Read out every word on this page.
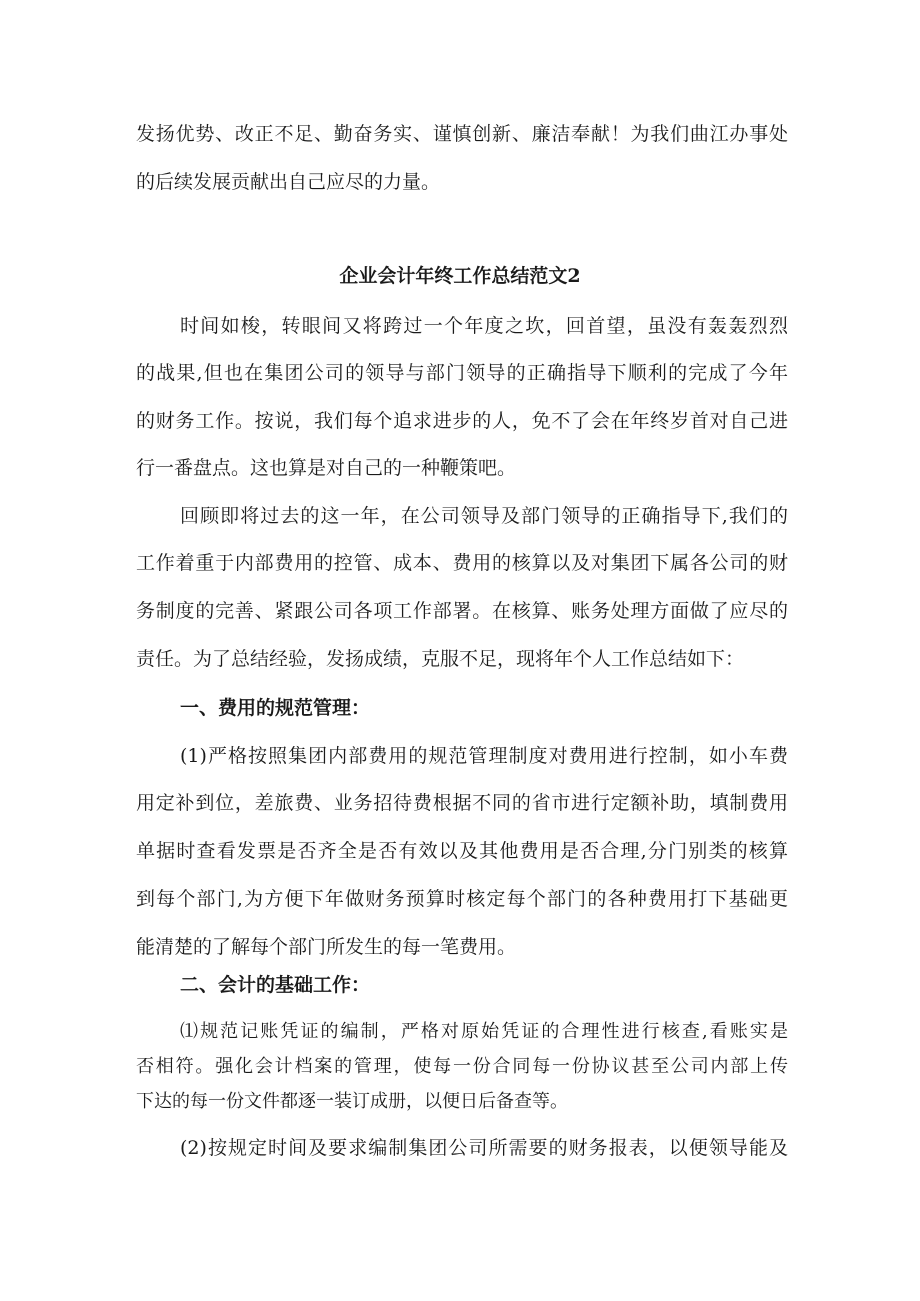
发扬优势、改正不足、勤奋务实、谨慎创新、廉洁奉献！为我们曲江办事处
的后续发展贡献出自己应尽的力量。
企业会计年终工作总结范文2
时间如梭，转眼间又将跨过一个年度之坎，回首望，虽没有轰轰烈烈
的战果,但也在集团公司的领导与部门领导的正确指导下顺利的完成了今年
的财务工作。按说，我们每个追求进步的人，免不了会在年终岁首对自己进
行一番盘点。这也算是对自己的一种鞭策吧。
回顾即将过去的这一年，在公司领导及部门领导的正确指导下,我们的
工作着重于内部费用的控管、成本、费用的核算以及对集团下属各公司的财
务制度的完善、紧跟公司各项工作部署。在核算、账务处理方面做了应尽的
责任。为了总结经验，发扬成绩，克服不足，现将年个人工作总结如下：
一、费用的规范管理：
(1)严格按照集团内部费用的规范管理制度对费用进行控制，如小车费
用定补到位，差旅费、业务招待费根据不同的省市进行定额补助，填制费用
单据时查看发票是否齐全是否有效以及其他费用是否合理,分门别类的核算
到每个部门,为方便下年做财务预算时核定每个部门的各种费用打下基础更
能清楚的了解每个部门所发生的每一笔费用。
二、会计的基础工作：
⑴规范记账凭证的编制，严格对原始凭证的合理性进行核查,看账实是
否相符。强化会计档案的管理，使每一份合同每一份协议甚至公司内部上传
下达的每一份文件都逐一装订成册，以便日后备查等。
(2)按规定时间及要求编制集团公司所需要的财务报表，以便领导能及
